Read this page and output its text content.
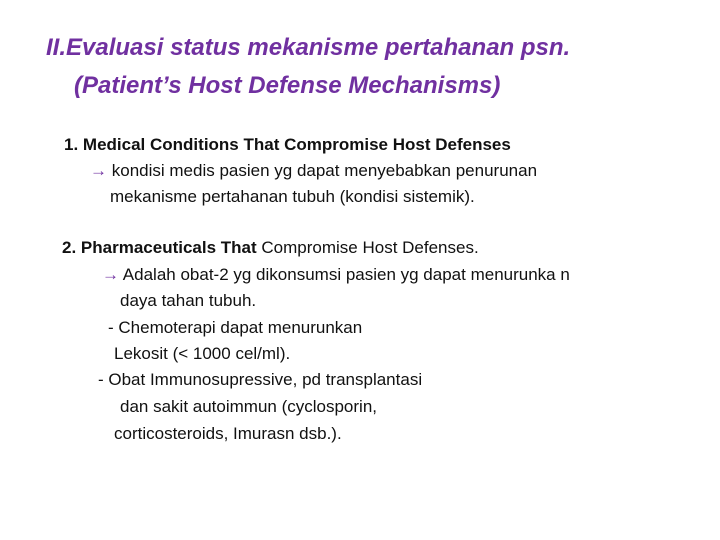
II.Evaluasi status mekanisme pertahanan psn.
(Patient’s Host Defense Mechanisms)
1. Medical Conditions That Compromise Host Defenses
→ kondisi medis pasien yg dapat menyebabkan penurunan
mekanisme pertahanan tubuh (kondisi sistemik).
2. Pharmaceuticals That Compromise Host Defenses.
→ Adalah obat-2 yg dikonsumsi pasien yg dapat menurunka n
daya tahan tubuh.
- Chemoterapi dapat menurunkan
Lekosit (< 1000 cel/ml).
- Obat Immunosupressive, pd transplantasi
dan sakit autoimmun (cyclosporin,
corticosteroids, Imurasn dsb.).
